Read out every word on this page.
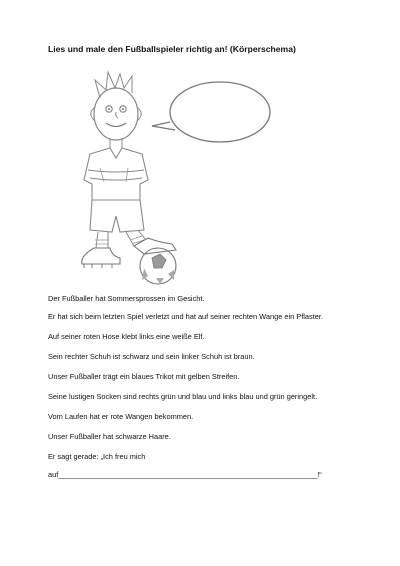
Lies und male den Fußballspieler richtig an! (Körperschema)
Der Fußballer hat Sommersprossen im Gesicht.
Er hat sich beim letzten Spiel verletzt und hat auf seiner rechten Wange ein Pflaster.
Auf seiner roten Hose klebt links eine weiße Elf.
Sein rechter Schuh ist schwarz und sein linker Schuh ist braun.
Unser Fußballer trägt ein blaues Trikot mit gelben Streifen.
Seine lustigen Socken sind rechts grün und blau und links blau und grün geringelt.
Vom Laufen hat er rote Wangen bekommen.
Unser Fußballer hat schwarze Haare.
Er sagt gerade: „Ich freu mich
auf_______________________________________________________________!“
